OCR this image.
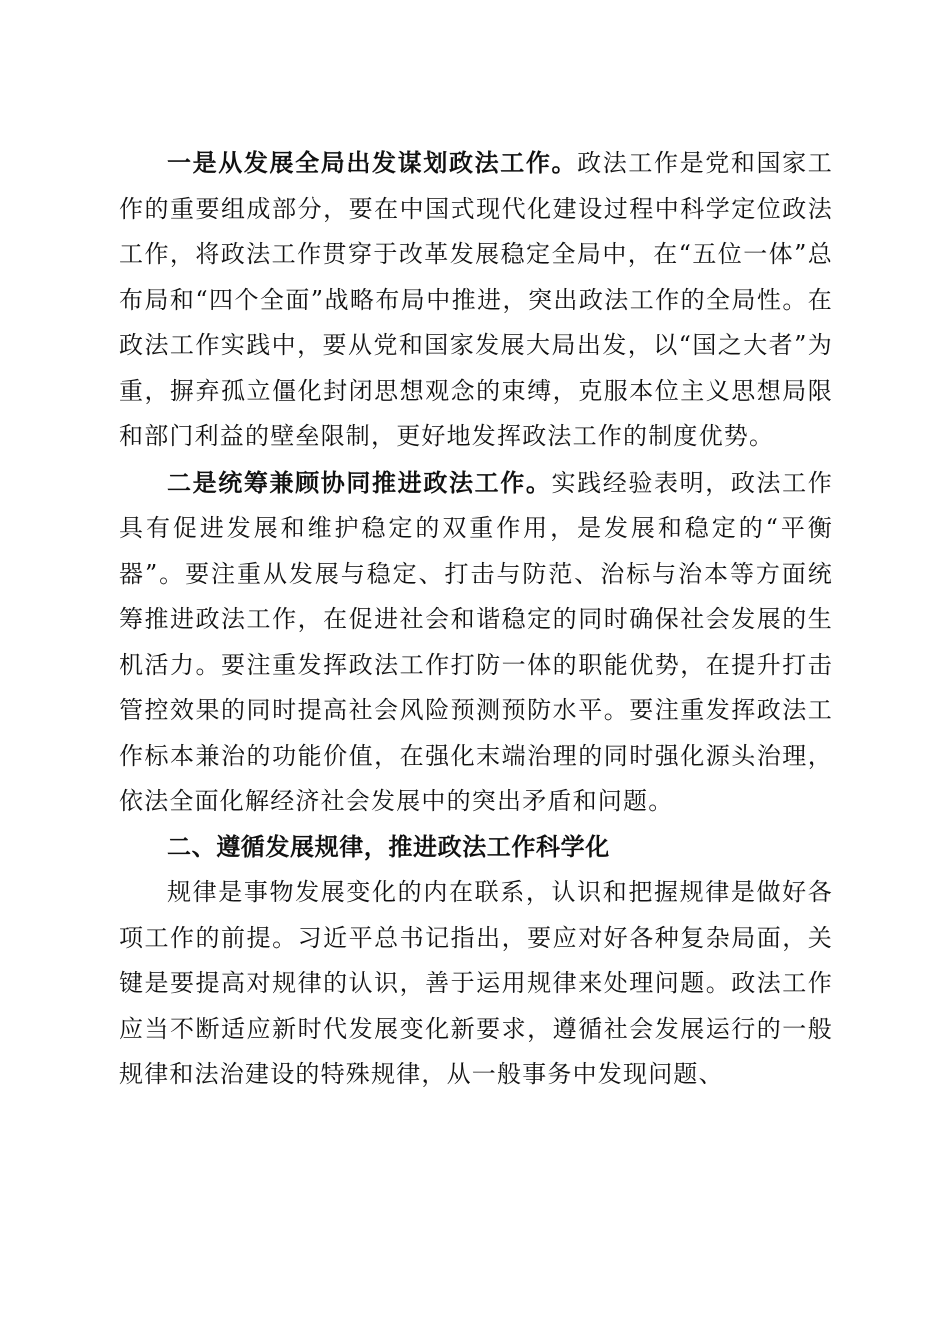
一是从发展全局出发谋划政法工作。政法工作是党和国家工作的重要组成部分，要在中国式现代化建设过程中科学定位政法工作，将政法工作贯穿于改革发展稳定全局中，在“五位一体”总布局和“四个全面”战略布局中推进，突出政法工作的全局性。在政法工作实践中，要从党和国家发展大局出发，以“国之大者”为重，摒弃孤立僵化封闭思想观念的束缚，克服本位主义思想局限和部门利益的壁垒限制，更好地发挥政法工作的制度优势。

二是统筹兼顾协同推进政法工作。实践经验表明，政法工作具有促进发展和维护稳定的双重作用，是发展和稳定的“平衡器”。要注重从发展与稳定、打击与防范、治标与治本等方面统筹推进政法工作，在促进社会和谐稳定的同时确保社会发展的生机活力。要注重发挥政法工作打防一体的职能优势，在提升打击管控效果的同时提高社会风险预测预防水平。要注重发挥政法工作标本兼治的功能价值，在强化末端治理的同时强化源头治理，依法全面化解经济社会发展中的突出矛盾和问题。

二、遵循发展规律，推进政法工作科学化

规律是事物发展变化的内在联系，认识和把握规律是做好各项工作的前提。习近平总书记指出，要应对好各种复杂局面，关键是要提高对规律的认识，善于运用规律来处理问题。政法工作应当不断适应新时代发展变化新要求，遵循社会发展运行的一般规律和法治建设的特殊规律，从一般事务中发现问题、
